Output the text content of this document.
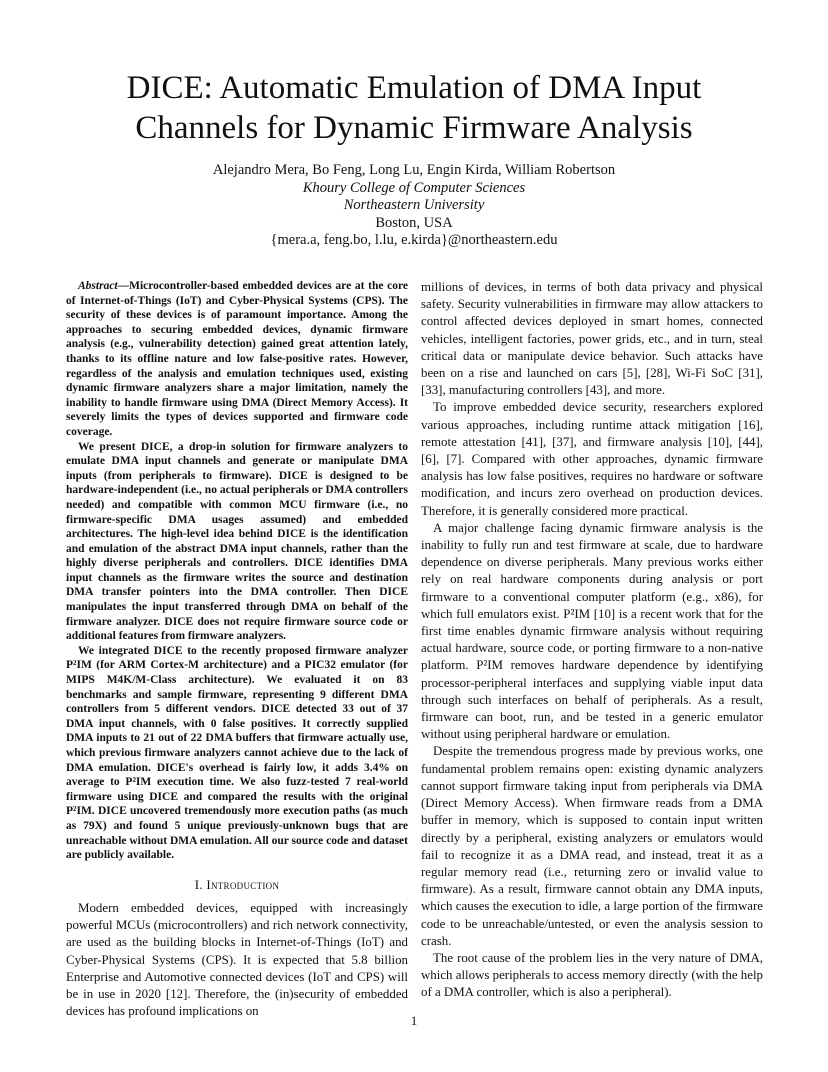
DICE: Automatic Emulation of DMA Input
Channels for Dynamic Firmware Analysis
Alejandro Mera, Bo Feng, Long Lu, Engin Kirda, William Robertson
Khoury College of Computer Sciences
Northeastern University
Boston, USA
{mera.a, feng.bo, l.lu, e.kirda}@northeastern.edu

Abstract—Microcontroller-based embedded devices are at the core of Internet-of-Things (IoT) and Cyber-Physical Systems (CPS). The security of these devices is of paramount importance. Among the approaches to securing embedded devices, dynamic firmware analysis (e.g., vulnerability detection) gained great attention lately, thanks to its offline nature and low false-positive rates. However, regardless of the analysis and emulation techniques used, existing dynamic firmware analyzers share a major limitation, namely the inability to handle firmware using DMA (Direct Memory Access). It severely limits the types of devices supported and firmware code coverage.

We present DICE, a drop-in solution for firmware analyzers to emulate DMA input channels and generate or manipulate DMA inputs (from peripherals to firmware). DICE is designed to be hardware-independent (i.e., no actual peripherals or DMA controllers needed) and compatible with common MCU firmware (i.e., no firmware-specific DMA usages assumed) and embedded architectures. The high-level idea behind DICE is the identification and emulation of the abstract DMA input channels, rather than the highly diverse peripherals and controllers. DICE identifies DMA input channels as the firmware writes the source and destination DMA transfer pointers into the DMA controller. Then DICE manipulates the input transferred through DMA on behalf of the firmware analyzer. DICE does not require firmware source code or additional features from firmware analyzers.

We integrated DICE to the recently proposed firmware analyzer P²IM (for ARM Cortex-M architecture) and a PIC32 emulator (for MIPS M4K/M-Class architecture). We evaluated it on 83 benchmarks and sample firmware, representing 9 different DMA controllers from 5 different vendors. DICE detected 33 out of 37 DMA input channels, with 0 false positives. It correctly supplied DMA inputs to 21 out of 22 DMA buffers that firmware actually use, which previous firmware analyzers cannot achieve due to the lack of DMA emulation. DICE's overhead is fairly low, it adds 3.4% on average to P²IM execution time. We also fuzz-tested 7 real-world firmware using DICE and compared the results with the original P²IM. DICE uncovered tremendously more execution paths (as much as 79X) and found 5 unique previously-unknown bugs that are unreachable without DMA emulation. All our source code and dataset are publicly available.

I. Introduction

Modern embedded devices, equipped with increasingly powerful MCUs (microcontrollers) and rich network connectivity, are used as the building blocks in Internet-of-Things (IoT) and Cyber-Physical Systems (CPS). It is expected that 5.8 billion Enterprise and Automotive connected devices (IoT and CPS) will be in use in 2020 [12]. Therefore, the (in)security of embedded devices has profound implications on

millions of devices, in terms of both data privacy and physical safety. Security vulnerabilities in firmware may allow attackers to control affected devices deployed in smart homes, connected vehicles, intelligent factories, power grids, etc., and in turn, steal critical data or manipulate device behavior. Such attacks have been on a rise and launched on cars [5], [28], Wi-Fi SoC [31], [33], manufacturing controllers [43], and more.

To improve embedded device security, researchers explored various approaches, including runtime attack mitigation [16], remote attestation [41], [37], and firmware analysis [10], [44], [6], [7]. Compared with other approaches, dynamic firmware analysis has low false positives, requires no hardware or software modification, and incurs zero overhead on production devices. Therefore, it is generally considered more practical.

A major challenge facing dynamic firmware analysis is the inability to fully run and test firmware at scale, due to hardware dependence on diverse peripherals. Many previous works either rely on real hardware components during analysis or port firmware to a conventional computer platform (e.g., x86), for which full emulators exist. P²IM [10] is a recent work that for the first time enables dynamic firmware analysis without requiring actual hardware, source code, or porting firmware to a non-native platform. P²IM removes hardware dependence by identifying processor-peripheral interfaces and supplying viable input data through such interfaces on behalf of peripherals. As a result, firmware can boot, run, and be tested in a generic emulator without using peripheral hardware or emulation.

Despite the tremendous progress made by previous works, one fundamental problem remains open: existing dynamic analyzers cannot support firmware taking input from peripherals via DMA (Direct Memory Access). When firmware reads from a DMA buffer in memory, which is supposed to contain input written directly by a peripheral, existing analyzers or emulators would fail to recognize it as a DMA read, and instead, treat it as a regular memory read (i.e., returning zero or invalid value to firmware). As a result, firmware cannot obtain any DMA inputs, which causes the execution to idle, a large portion of the firmware code to be unreachable/untested, or even the analysis session to crash.

The root cause of the problem lies in the very nature of DMA, which allows peripherals to access memory directly (with the help of a DMA controller, which is also a peripheral).

1
